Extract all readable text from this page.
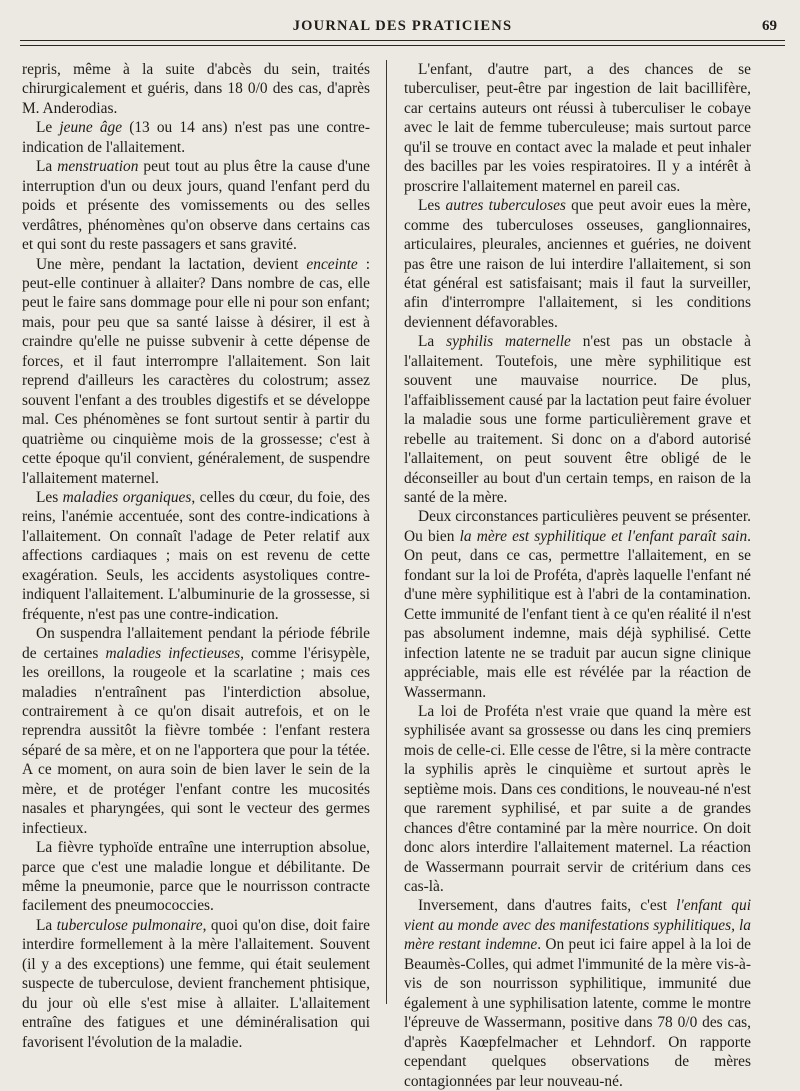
JOURNAL DES PRATICIENS	69

repris, même à la suite d'abcès du sein, traités chirurgicalement et guéris, dans 18 0/0 des cas, d'après M. Anderodias.

Le jeune âge (13 ou 14 ans) n'est pas une contre-indication de l'allaitement.

La menstruation peut tout au plus être la cause d'une interruption d'un ou deux jours, quand l'enfant perd du poids et présente des vomissements ou des selles verdâtres, phénomènes qu'on observe dans certains cas et qui sont du reste passagers et sans gravité.

Une mère, pendant la lactation, devient enceinte : peut-elle continuer à allaiter? Dans nombre de cas, elle peut le faire sans dommage pour elle ni pour son enfant; mais, pour peu que sa santé laisse à désirer, il est à craindre qu'elle ne puisse subvenir à cette dépense de forces, et il faut interrompre l'allaitement. Son lait reprend d'ailleurs les caractères du colostrum; assez souvent l'enfant a des troubles digestifs et se développe mal. Ces phénomènes se font surtout sentir à partir du quatrième ou cinquième mois de la grossesse; c'est à cette époque qu'il convient, généralement, de suspendre l'allaitement maternel.

Les maladies organiques, celles du cœur, du foie, des reins, l'anémie accentuée, sont des contre-indications à l'allaitement. On connaît l'adage de Peter relatif aux affections cardiaques ; mais on est revenu de cette exagération. Seuls, les accidents asystoliques contre-indiquent l'allaitement. L'albuminurie de la grossesse, si fréquente, n'est pas une contre-indication.

On suspendra l'allaitement pendant la période fébrile de certaines maladies infectieuses, comme l'érisypèle, les oreillons, la rougeole et la scarlatine ; mais ces maladies n'entraînent pas l'interdiction absolue, contrairement à ce qu'on disait autrefois, et on le reprendra aussitôt la fièvre tombée : l'enfant restera séparé de sa mère, et on ne l'apportera que pour la tétée. A ce moment, on aura soin de bien laver le sein de la mère, et de protéger l'enfant contre les mucosités nasales et pharyngées, qui sont le vecteur des germes infectieux.

La fièvre typhoïde entraîne une interruption absolue, parce que c'est une maladie longue et débilitante. De même la pneumonie, parce que le nourrisson contracte facilement des pneumococcies.

La tuberculose pulmonaire, quoi qu'on dise, doit faire interdire formellement à la mère l'allaitement. Souvent (il y a des exceptions) une femme, qui était seulement suspecte de tuberculose, devient franchement phtisique, du jour où elle s'est mise à allaiter. L'allaitement entraîne des fatigues et une déminéralisation qui favorisent l'évolution de la maladie.

L'enfant, d'autre part, a des chances de se tuberculiser, peut-être par ingestion de lait bacillifère, car certains auteurs ont réussi à tuberculiser le cobaye avec le lait de femme tuberculeuse; mais surtout parce qu'il se trouve en contact avec la malade et peut inhaler des bacilles par les voies respiratoires. Il y a intérêt à proscrire l'allaitement maternel en pareil cas.

Les autres tuberculoses que peut avoir eues la mère, comme des tuberculoses osseuses, ganglionnaires, articulaires, pleurales, anciennes et guéries, ne doivent pas être une raison de lui interdire l'allaitement, si son état général est satisfaisant; mais il faut la surveiller, afin d'interrompre l'allaitement, si les conditions deviennent défavorables.

La syphilis maternelle n'est pas un obstacle à l'allaitement. Toutefois, une mère syphilitique est souvent une mauvaise nourrice. De plus, l'affaiblissement causé par la lactation peut faire évoluer la maladie sous une forme particulièrement grave et rebelle au traitement. Si donc on a d'abord autorisé l'allaitement, on peut souvent être obligé de le déconseiller au bout d'un certain temps, en raison de la santé de la mère.

Deux circonstances particulières peuvent se présenter. Ou bien la mère est syphilitique et l'enfant paraît sain. On peut, dans ce cas, permettre l'allaitement, en se fondant sur la loi de Proféta, d'après laquelle l'enfant né d'une mère syphilitique est à l'abri de la contamination. Cette immunité de l'enfant tient à ce qu'en réalité il n'est pas absolument indemne, mais déjà syphilisé. Cette infection latente ne se traduit par aucun signe clinique appréciable, mais elle est révélée par la réaction de Wassermann.

La loi de Proféta n'est vraie que quand la mère est syphilisée avant sa grossesse ou dans les cinq premiers mois de celle-ci. Elle cesse de l'être, si la mère contracte la syphilis après le cinquième et surtout après le septième mois. Dans ces conditions, le nouveau-né n'est que rarement syphilisé, et par suite a de grandes chances d'être contaminé par la mère nourrice. On doit donc alors interdire l'allaitement maternel. La réaction de Wassermann pourrait servir de critérium dans ces cas-là.

Inversement, dans d'autres faits, c'est l'enfant qui vient au monde avec des manifestations syphilitiques, la mère restant indemne. On peut ici faire appel à la loi de Beaumès-Colles, qui admet l'immunité de la mère vis-à-vis de son nourrisson syphilitique, immunité due également à une syphilisation latente, comme le montre l'épreuve de Wassermann, positive dans 78 0/0 des cas, d'après Kaœpfelmacher et Lehndorf. On rapporte cependant quelques observations de mères contagionnées par leur nouveau-né.
